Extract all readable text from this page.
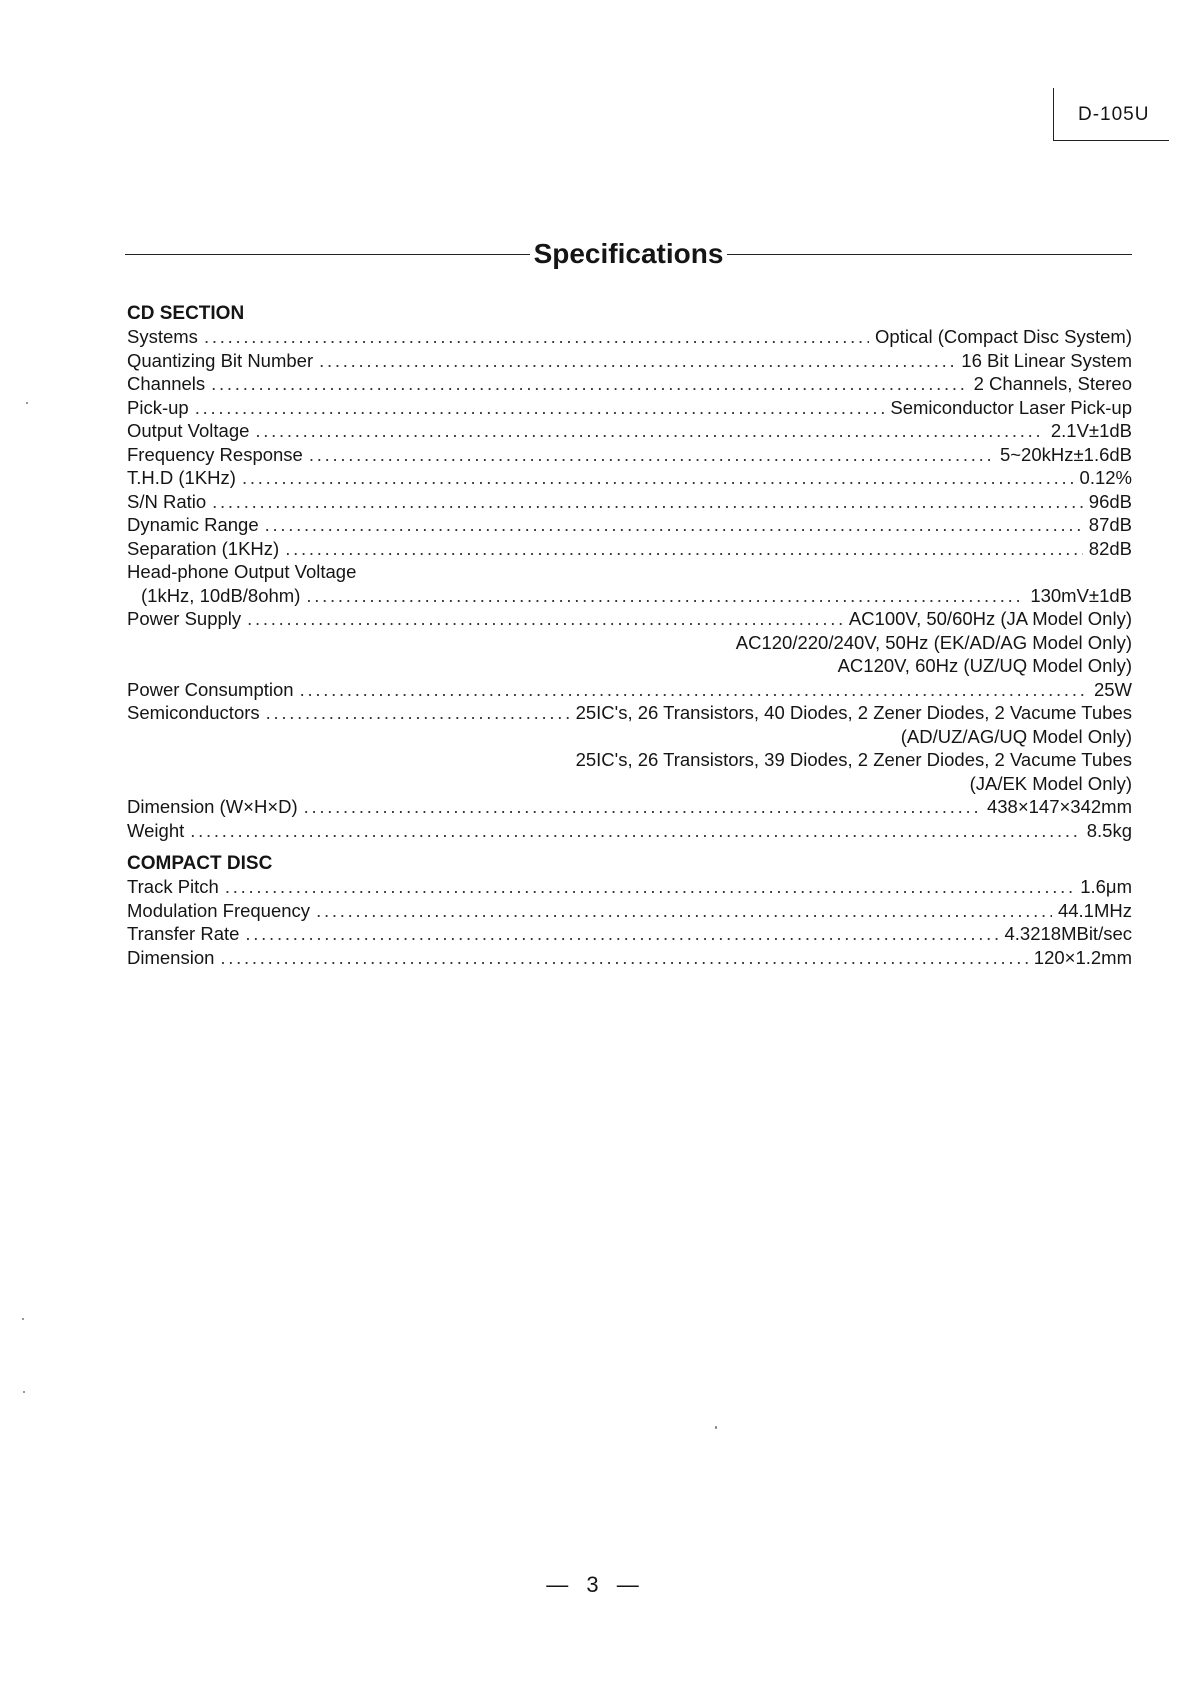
D-105U
Specifications
CD SECTION
Systems . . .	Optical (Compact Disc System)
Quantizing Bit Number . . .	16 Bit Linear System
Channels . . .	2 Channels, Stereo
Pick-up . . .	Semiconductor Laser Pick-up
Output Voltage . . .	2.1V±1dB
Frequency Response . . .	5~20kHz±1.6dB
T.H.D (1KHz) . . .	0.12%
S/N Ratio . . .	96dB
Dynamic Range . . .	87dB
Separation (1KHz) . . .	82dB
Head-phone Output Voltage
(1kHz, 10dB/8ohm) . . .	130mV±1dB
Power Supply . . .	AC100V, 50/60Hz (JA Model Only)
AC120/220/240V, 50Hz (EK/AD/AG Model Only)
AC120V, 60Hz (UZ/UQ Model Only)
Power Consumption . . .	25W
Semiconductors . . .	25IC's, 26 Transistors, 40 Diodes, 2 Zener Diodes, 2 Vacume Tubes
(AD/UZ/AG/UQ Model Only)
25IC's, 26 Transistors, 39 Diodes, 2 Zener Diodes, 2 Vacume Tubes
(JA/EK Model Only)
Dimension (W×H×D) . . .	438×147×342mm
Weight . . .	8.5kg
COMPACT DISC
Track Pitch . . .	1.6μm
Modulation Frequency . . .	44.1MHz
Transfer Rate . . .	4.3218MBit/sec
Dimension . . .	120×1.2mm
— 3 —
